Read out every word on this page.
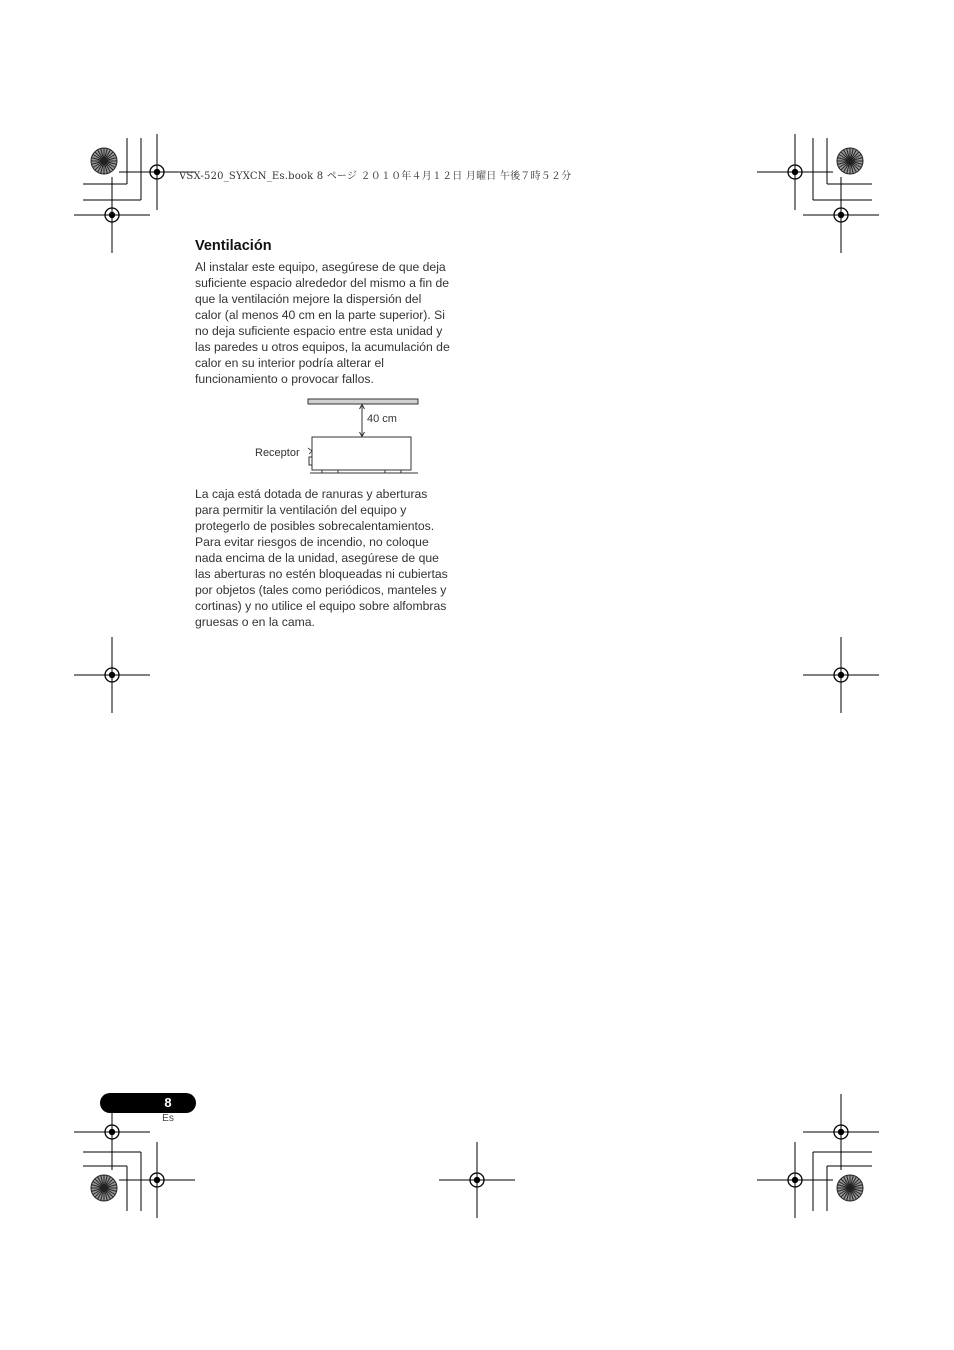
VSX-520_SYXCN_Es.book 8 ページ ２０１０年４月１２日 月曜日 午後７時５２分
Ventilación
Al instalar este equipo, asegúrese de que deja
suficiente espacio alrededor del mismo a fin de
que la ventilación mejore la dispersión del
calor (al menos 40 cm en la parte superior). Si
no deja suficiente espacio entre esta unidad y
las paredes u otros equipos, la acumulación de
calor en su interior podría alterar el
funcionamiento o provocar fallos.
40 cm
Receptor
La caja está dotada de ranuras y aberturas
para permitir la ventilación del equipo y
protegerlo de posibles sobrecalentamientos.
Para evitar riesgos de incendio, no coloque
nada encima de la unidad, asegúrese de que
las aberturas no estén bloqueadas ni cubiertas
por objetos (tales como periódicos, manteles y
cortinas) y no utilice el equipo sobre alfombras
gruesas o en la cama.
8
Es
